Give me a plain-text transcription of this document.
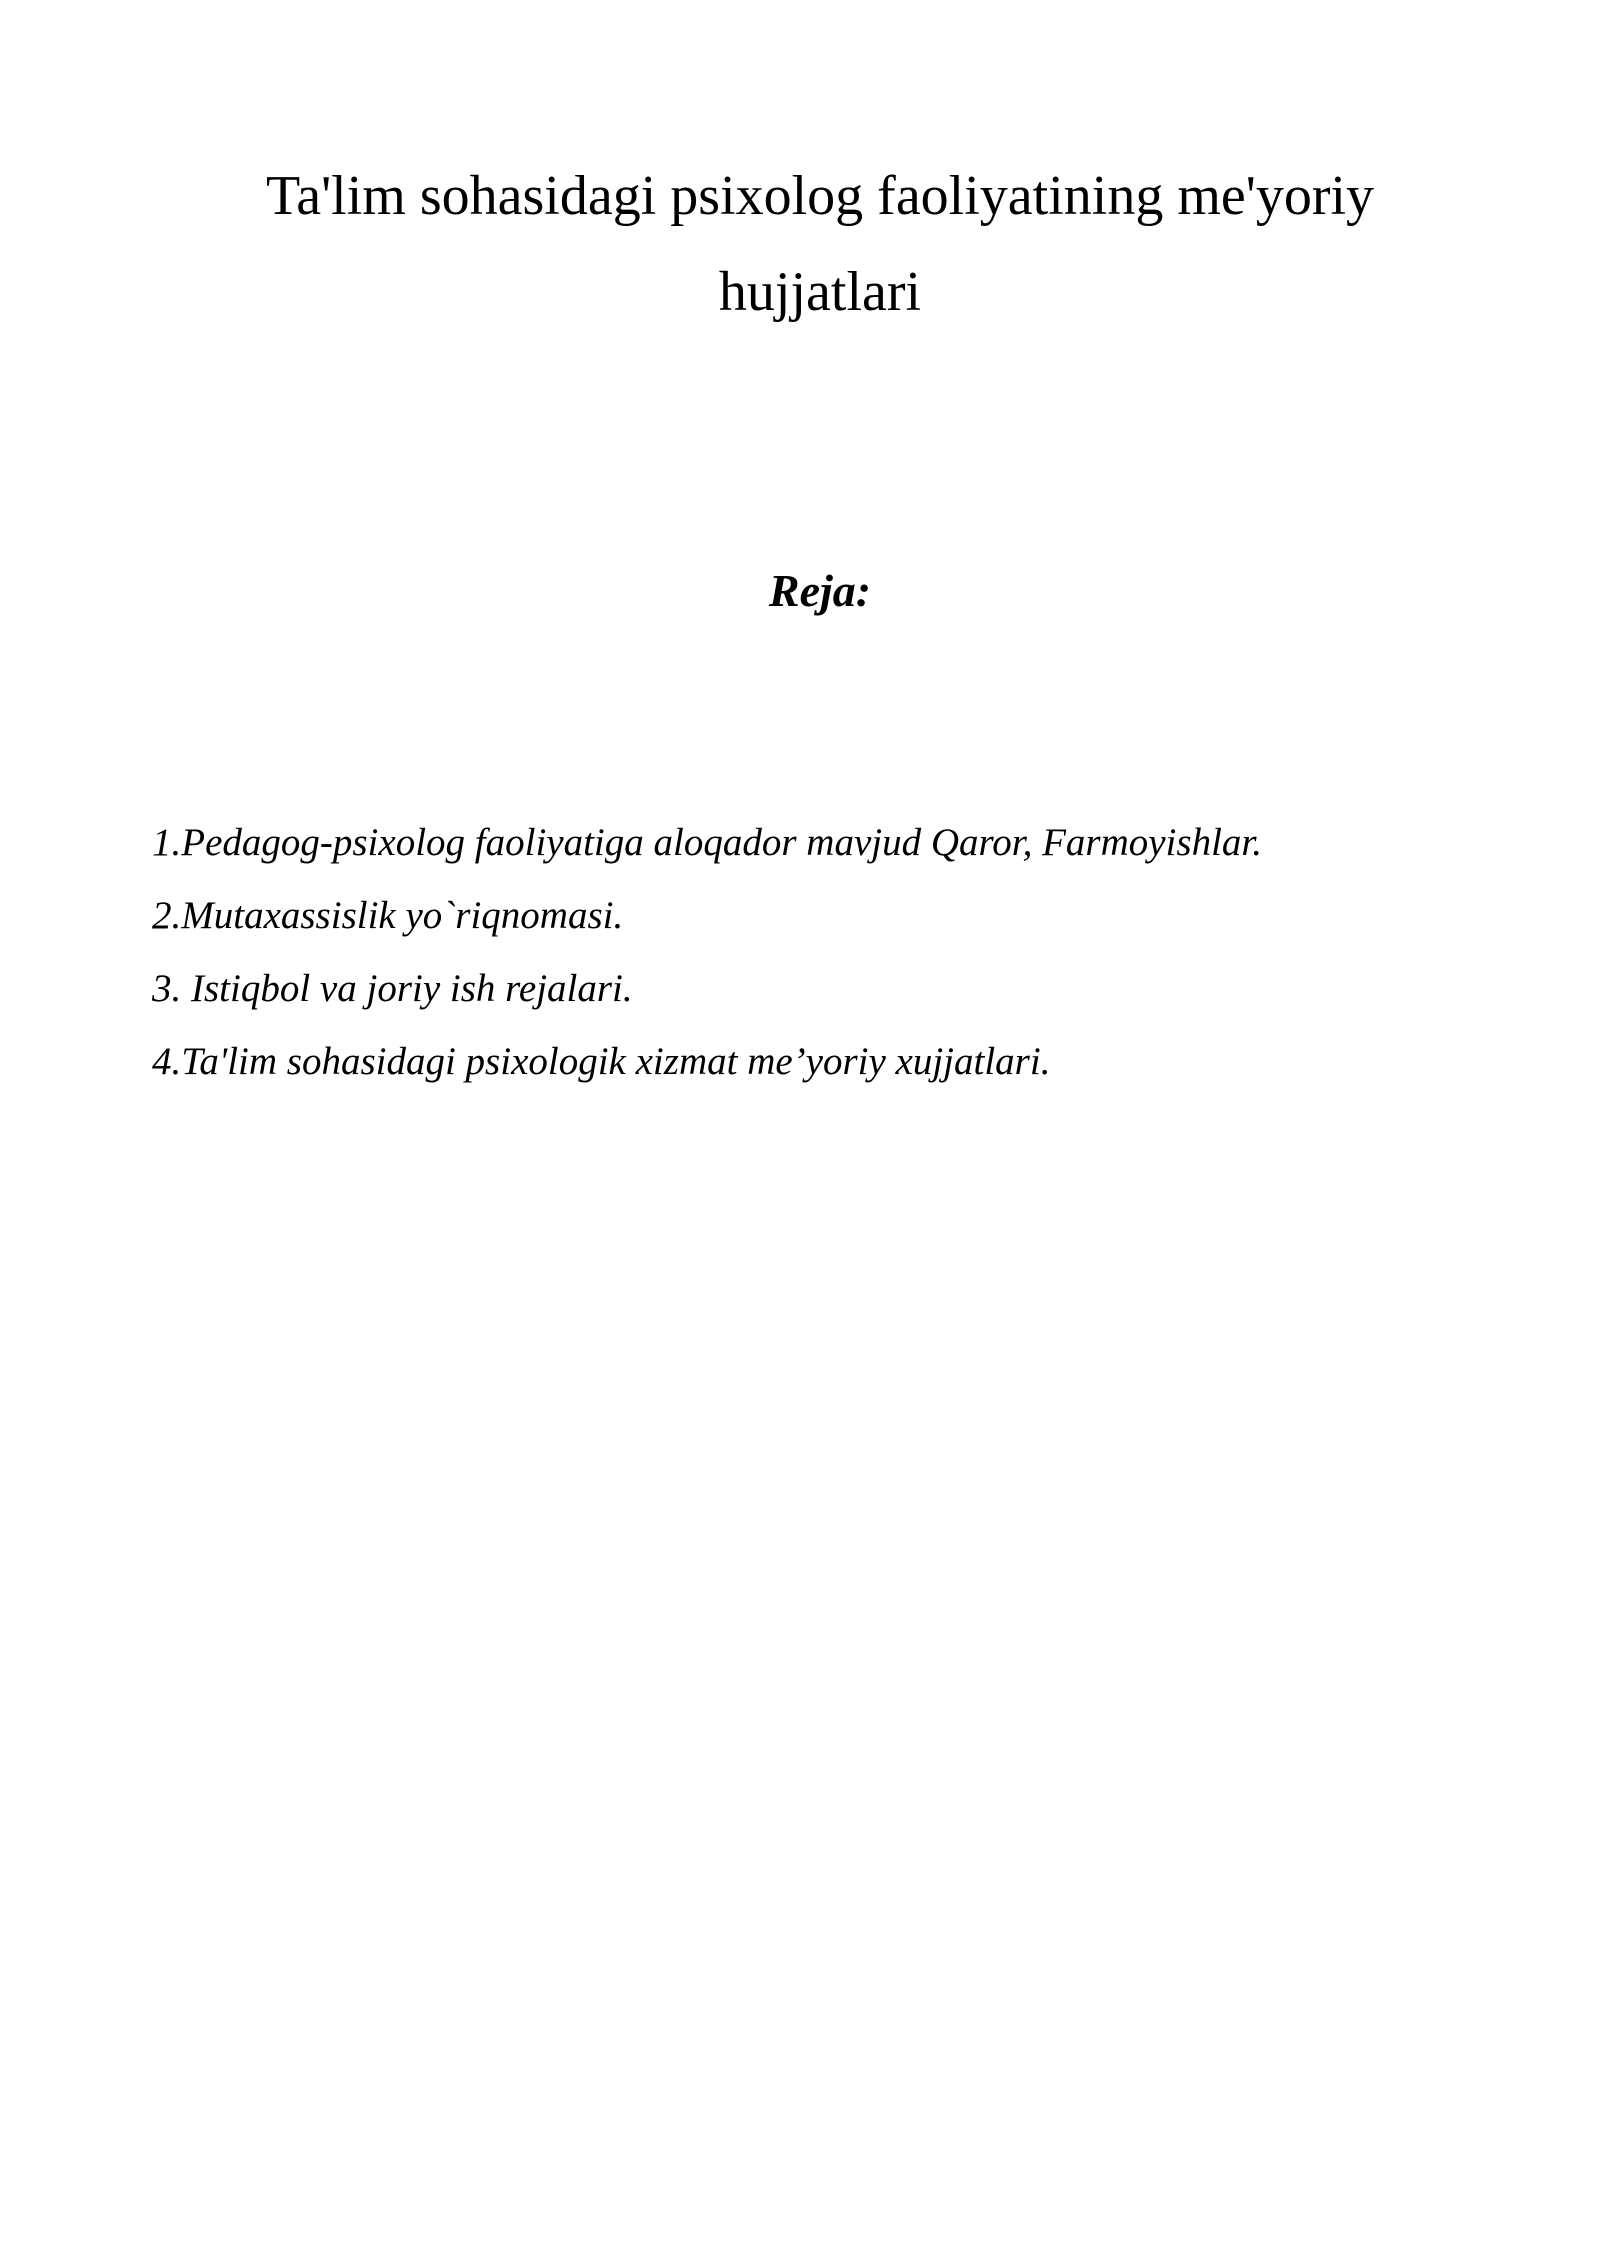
Ta'lim sohasidagi psixolog faoliyatining me'yoriy
hujjatlari
Reja:
1.Pedagog-psixolog faoliyatiga aloqador mavjud Qaror, Farmoyishlar.
2.Mutaxassislik yo`riqnomasi.
3. Istiqbol va joriy ish rejalari.
4.Ta'lim sohasidagi psixologik xizmat me’yoriy xujjatlari.
